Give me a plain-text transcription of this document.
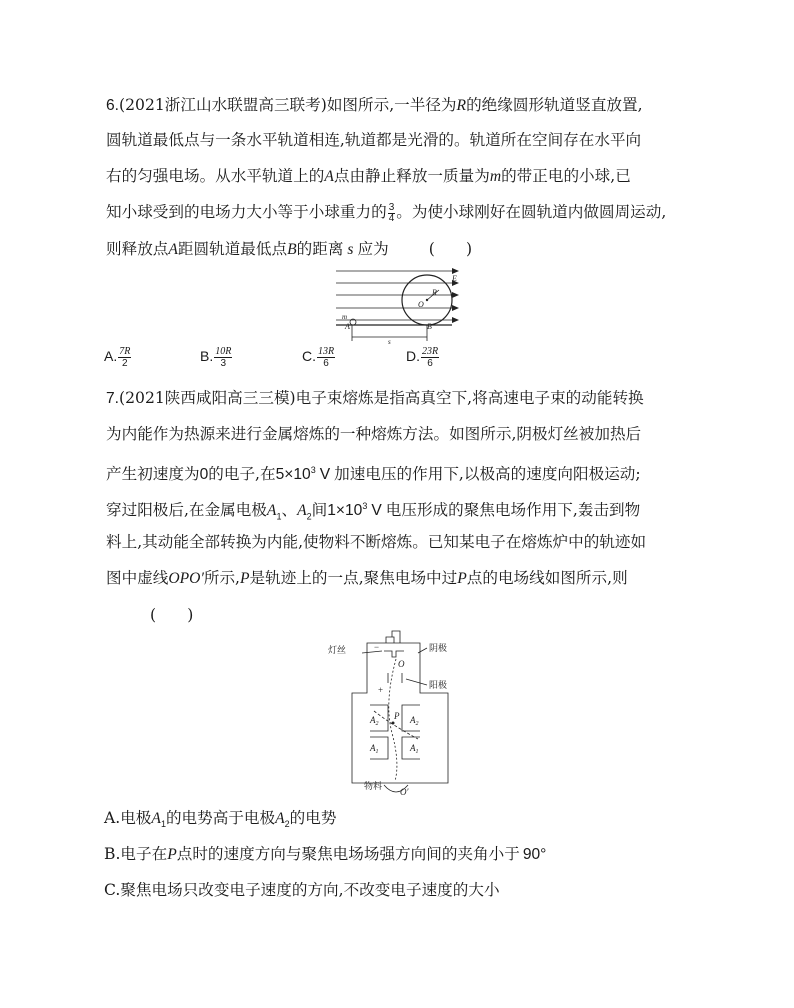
6.(2021浙江山水联盟高三联考)如图所示,一半径为R的绝缘圆形轨道竖直放置,
圆轨道最低点与一条水平轨道相连,轨道都是光滑的。轨道所在空间存在水平向
右的匀强电场。从水平轨道上的A点由静止释放一质量为m的带正电的小球,已
知小球受到的电场力大小等于小球重力的 $\frac{3}{4}$ 。为使小球刚好在圆轨道内做圆周运动,
则释放点A距圆轨道最低点B的距离 s 应为	(　　)
E
R
O
m
A	B
s
A. $\frac{7R}{2}$	B. $\frac{10R}{3}$	C. $\frac{13R}{6}$	D. $\frac{23R}{6}$
7.(2021陕西咸阳高三三模)电子束熔炼是指高真空下,将高速电子束的动能转换
为内能作为热源来进行金属熔炼的一种熔炼方法。如图所示,阴极灯丝被加热后
产生初速度为0的电子,在$5\times 10^3$ V 加速电压的作用下,以极高的速度向阳极运动;
穿过阳极后,在金属电极$A_1$、$A_2$间$1\times 10^3$ V 电压形成的聚焦电场作用下,轰击到物
料上,其动能全部转换为内能,使物料不断熔炼。已知某电子在熔炼炉中的轨迹如
图中虚线OPO′所示,P是轨迹上的一点,聚焦电场中过P点的电场线如图所示,则
(　　)
灯丝	阴极
阳极
物料
−
+
O
P
O′
$A_2$	$A_2$
$A_1$	$A_1$
A.电极$A_1$的电势高于电极$A_2$的电势
B.电子在P点时的速度方向与聚焦电场场强方向间的夹角小于 90°
C.聚焦电场只改变电子速度的方向,不改变电子速度的大小
